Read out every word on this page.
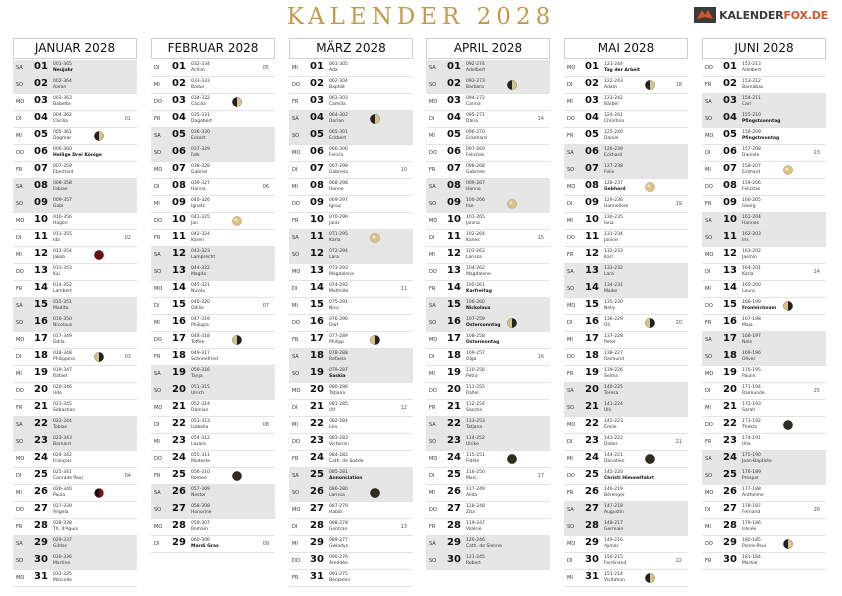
KALENDER 2028	KALENDERFOX.DE
JANUAR 2028
SA 01 001-365
Neujahr
SO 02 002-364
Aaron
MO 03 003-363
Babette
DI 04 004-362
Cäcilia	01
MI 05 005-361
Dagmar
DO 06 006-360
Heilige Drei Könige
FR 07 007-359
Eberhard
SA 08 008-358
Fabian
SO 09 009-357
Gabi
MO 10 010-356
Hagen
DI 11 011-355
Ida	02
MI 12 012-354
Jakob
DO 13 013-353
Kai
FR 14 014-352
Lambert
SA 15 015-351
Madita
SO 16 016-350
Nicolaus
MO 17 017-349
Odila
DI 18 018-348
Philippina	03
MI 19 019-347
Rafael
DO 20 020-346
Udo
FR 21 021-345
Sebastian
SA 22 022-344
Tobias
SO 23 023-343
Barnard
MO 24 024-342
François
DI 25 025-341
Conrade Paul	04
MI 26 026-340
Paula
DO 27 027-339
Angela
FR 28 028-338
Th. d'Aquin
SA 29 029-337
Gildas
SO 30 030-336
Martine
MO 31 031-335
Marcelle
FEBRUAR 2028
DI 01 032-334
Achim	05
MI 02 033-333
Bodur
DO 03 034-332
Cäcilia
FR 04 035-331
Dagobert
SA 05 036-330
Eckart
SO 06 037-329
Falk
MO 07 038-328
Gabriel
DI 08 039-327
Hanna	06
MI 09 040-326
Ignatz
DO 10 041-325
Jan
FR 11 042-324
Karen
SA 12 043-323
Lamprecht
SO 13 044-322
Magda
MO 14 045-321
Nicola
DI 15 046-320
Odilie	07
MI 16 047-319
Philippa
DO 17 048-318
Toffee
FR 18 049-317
Schneefried
SA 19 050-316
Tanja
SO 20 051-315
Ulrich
MO 21 052-314
Damian
DI 22 053-313
Isabella	08
MI 23 054-312
Lazare
DO 24 055-311
Modeste
FR 25 056-310
Romeo
SA 26 057-309
Nestor
SO 27 058-308
Honorine
MO 28 059-307
Romain
DI 29 060-306
Mardi Gras	09
MÄRZ 2028
MI 01 061-305
Ada
DO 02 062-304
Baptist
FR 03 063-303
Camilla
SA 04 064-302
Dorian
SO 05 065-301
Eckbert
MO 06 066-300
Felicia
DI 07 067-299
Gabriela	10
MI 08 068-298
Hanne
DO 09 069-297
Ignaz
FR 10 070-296
Janis
SA 11 071-295
Karla
SO 12 072-294
Lara
MO 13 073-293
Magdalena
DI 14 074-292
Mathilde	11
MI 15 075-291
Nico
DO 16 076-290
Olaf
FR 17 077-289
Philipp
SA 18 078-288
Rafaela
SO 19 079-287
Saskia
MO 20 080-286
Tatjana
DI 21 081-285
Ulf	12
MI 22 082-284
Léa
DO 23 083-283
Victorien
FR 24 084-282
Cath. de Suède
SA 25 085-281
Annonciation
SO 26 086-280
Larissa
MO 27 087-279
Habib
DI 28 088-278
Gontran	13
MI 29 089-277
Gwladys
DO 30 090-276
Amédée
FR 31 091-275
Benjamin
APRIL 2028
SA 01 092-274
Adelbert
SO 02 093-273
Barbara
MO 03 094-272
Carina
DI 04 095-271
Dana	14
MI 05 096-270
Eckehard
DO 06 097-269
Felicitas
FR 07 098-268
Gabriele
SA 08 099-267
Hanno
SO 09 100-266
Ilse
MO 10 101-265
Janina
DI 11 102-264
Kanes	15
MI 12 103-263
Larissa
DO 13 104-262
Magdalene
FR 14 105-261
Karfreitag
SA 15 106-260
Nickolaus
SO 16 107-259
Ostersonntag
MO 17 108-258
Ostermontag
DI 18 109-257
Olga	16
MI 19 110-256
Petra
DO 20 111-255
Rahel
FR 21 112-254
Sascha
SA 22 113-253
Tatjana
SO 23 114-252
Ulrike
MO 24 115-251
Fidèle
DI 25 116-250
Marc	17
MI 26 117-249
Alida
DO 27 118-248
Zita
FR 28 119-247
Valérie
SA 29 120-246
Cath. de Sienne
SO 30 121-245
Robert
MAI 2028
MO 01 121-244
Tag der Arbeit
DI 02 122-243
Adam	18
MI 03 123-242
Bärbel
DO 04 124-241
Christina
FR 05 125-240
Daniel
SA 06 126-239
Eckhard
SO 07 127-238
Felix
MO 08 128-237
Gebhard
DI 09 129-236
Hanneliore	19
MI 10 130-235
Iona
DO 11 131-234
Janine
FR 12 132-233
Karl
SA 13 133-232
Lara
SO 14 134-231
Maike
MO 15 135-230
Nelly
DI 16 136-229
Oli	20
MI 17 137-228
Peter
DO 18 138-227
Raimund
FR 19 139-226
Selma
SA 20 140-225
Teresa
SO 21 141-224
Ulli
MO 22 142-223
Émile
DI 23 143-222
Didier	21
MI 24 144-221
Donatien
DO 25 145-220
Christi Himmelfahrt
FR 26 146-219
Bérenger
SA 27 147-218
Augustin
SO 28 148-217
Germain
MO 29 149-216
Aymar
DI 30 150-215
Ferdinand	22
MI 31 151-214
Visitation
JUNI 2028
DO 01 152-213
Adelbert
FR 02 153-212
Barnabas
SA 03 154-211
Carl
SO 04 155-210
Pfingstsonntag
MO 05 156-209
Pfingstmontag
DI 06 157-208
Daniela	23
MI 07 158-207
Eckhard
DO 08 159-206
Felicitas
FR 09 160-205
Georg
SA 10 161-204
Hannes
SO 11 162-203
Iris
MO 12 163-202
Jasmin
DI 13 164-201
Karla	24
MI 14 165-200
Laura
DO 15 166-199
Fronleichnam
FR 16 167-198
Maja
SA 17 168-197
Nele
SO 18 169-196
Oliver
MO 19 170-195
Paulin
DI 20 171-194
Raimunde	25
MI 21 172-193
Sarah
DO 22 173-192
Thekla
FR 23 174-191
Ulla
SA 24 175-190
Jean-Baptiste
SO 25 176-189
Prosper
MO 26 177-188
Anthelme
DI 27 178-187
Fernand	26
MI 28 179-186
Irénée
DO 29 180-185
Pierre-Paul
FR 30 181-184
Martial
